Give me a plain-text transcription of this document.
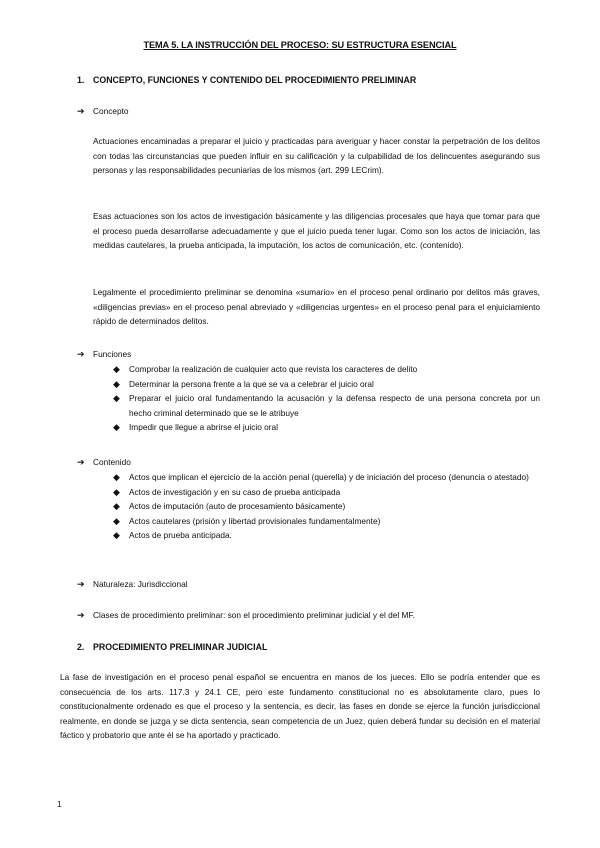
TEMA 5. LA INSTRUCCIÓN DEL PROCESO: SU ESTRUCTURA ESENCIAL
1. CONCEPTO, FUNCIONES Y CONTENIDO DEL PROCEDIMIENTO PRELIMINAR
➔ Concepto
Actuaciones encaminadas a preparar el juicio y practicadas para averiguar y hacer constar la perpetración de los delitos con todas las circunstancias que pueden influir en su calificación y la culpabilidad de los delincuentes asegurando sus personas y las responsabilidades pecuniarias de los mismos (art. 299 LECrim).
Esas actuaciones son los actos de investigación básicamente y las diligencias procesales que haya que tomar para que el proceso pueda desarrollarse adecuadamente y que el juicio pueda tener lugar. Como son los actos de iniciación, las medidas cautelares, la prueba anticipada, la imputación, los actos de comunicación, etc. (contenido).
Legalmente el procedimiento preliminar se denomina «sumario» en el proceso penal ordinario por delitos más graves, «diligencias previas» en el proceso penal abreviado y «diligencias urgentes» en el proceso penal para el enjuiciamiento rápido de determinados delitos.
➔ Funciones
◆ Comprobar la realización de cualquier acto que revista los caracteres de delito
◆ Determinar la persona frente a la que se va a celebrar el juicio oral
◆ Preparar el juicio oral fundamentando la acusación y la defensa respecto de una persona concreta por un hecho criminal determinado que se le atribuye
◆ Impedir que llegue a abrirse el juicio oral
➔ Contenido
◆ Actos que implican el ejercicio de la acción penal (querella) y de iniciación del proceso (denuncia o atestado)
◆ Actos de investigación y en su caso de prueba anticipada
◆ Actos de imputación (auto de procesamiento básicamente)
◆ Actos cautelares (prisión y libertad provisionales fundamentalmente)
◆ Actos de prueba anticipada.
➔ Naturaleza: Jurisdiccional
➔ Clases de procedimiento preliminar: son el procedimiento preliminar judicial y el del MF.
2. PROCEDIMIENTO PRELIMINAR JUDICIAL
La fase de investigación en el proceso penal español se encuentra en manos de los jueces. Ello se podría entender que es consecuencia de los arts. 117.3 y 24.1 CE, pero este fundamento constitucional no es absolutamente claro, pues lo constitucionalmente ordenado es que el proceso y la sentencia, es decir, las fases en donde se ejerce la función jurisdiccional realmente, en donde se juzga y se dicta sentencia, sean competencia de un Juez, quien deberá fundar su decisión en el material fáctico y probatorio que ante él se ha aportado y practicado.
1
